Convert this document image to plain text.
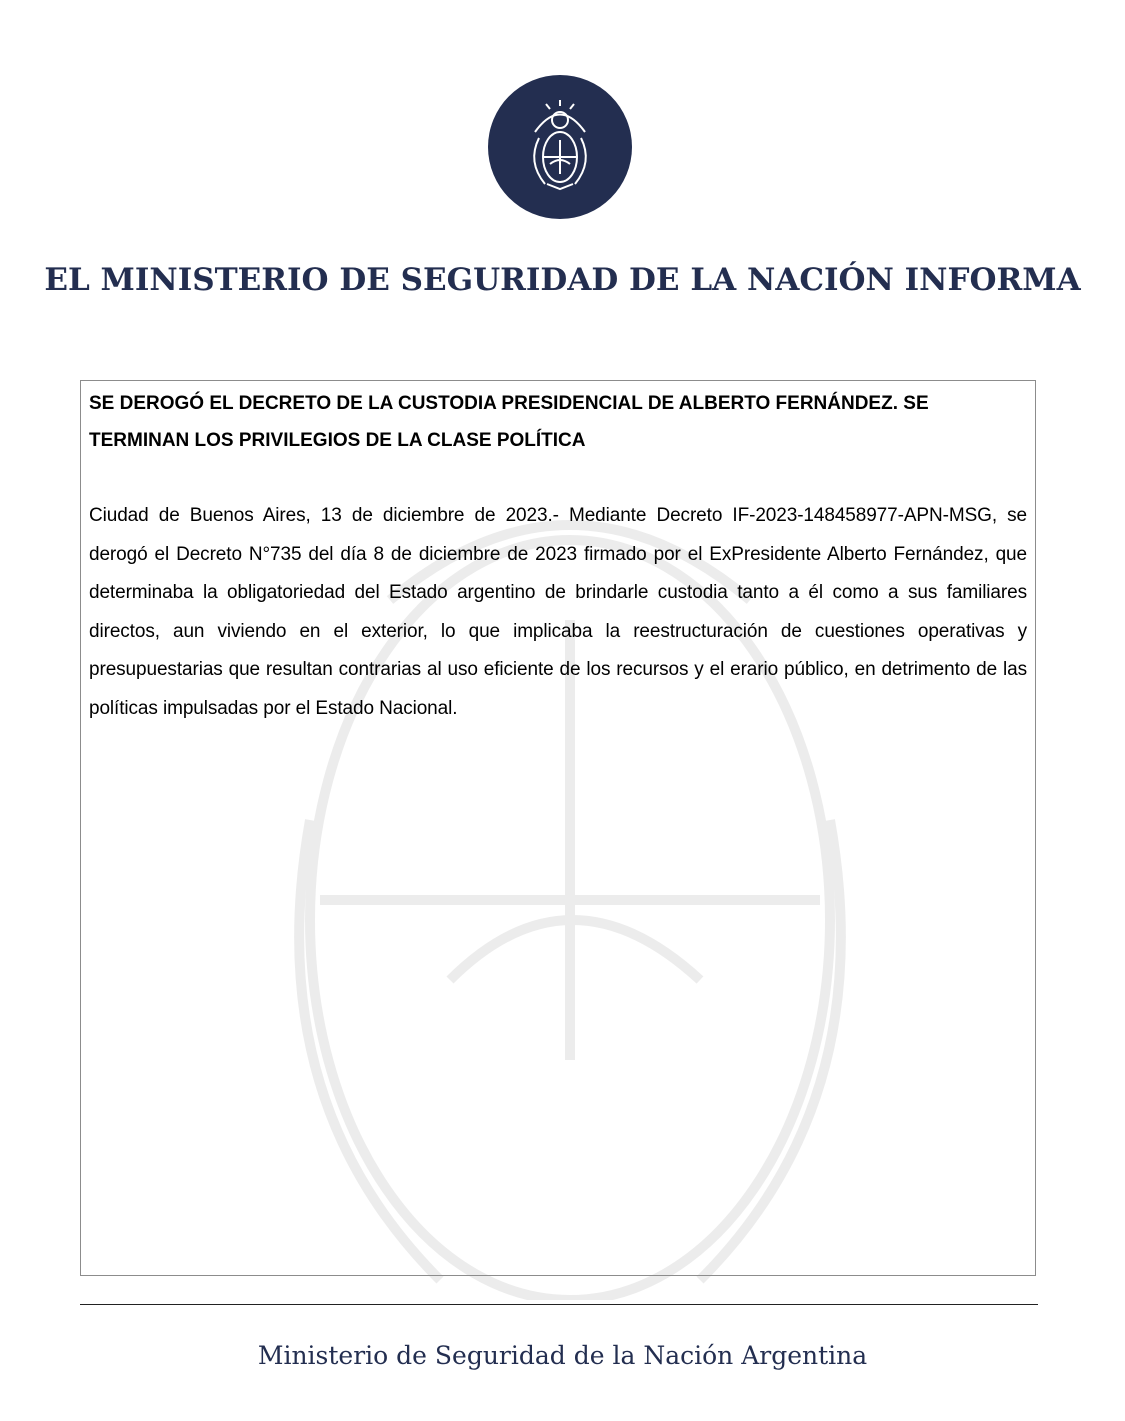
EL MINISTERIO DE SEGURIDAD DE LA NACIÓN INFORMA

SE DEROGÓ EL DECRETO DE LA CUSTODIA PRESIDENCIAL DE ALBERTO FERNÁNDEZ. SE TERMINAN LOS PRIVILEGIOS DE LA CLASE POLÍTICA

Ciudad de Buenos Aires, 13 de diciembre de 2023.- Mediante Decreto IF-2023-148458977-APN-MSG, se derogó el Decreto N°735 del día 8 de diciembre de 2023 firmado por el ExPresidente Alberto Fernández, que determinaba la obligatoriedad del Estado argentino de brindarle custodia tanto a él como a sus familiares directos, aun viviendo en el exterior, lo que implicaba la reestructuración de cuestiones operativas y presupuestarias que resultan contrarias al uso eficiente de los recursos y el erario público, en detrimento de las políticas impulsadas por el Estado Nacional.

Ministerio de Seguridad de la Nación Argentina
